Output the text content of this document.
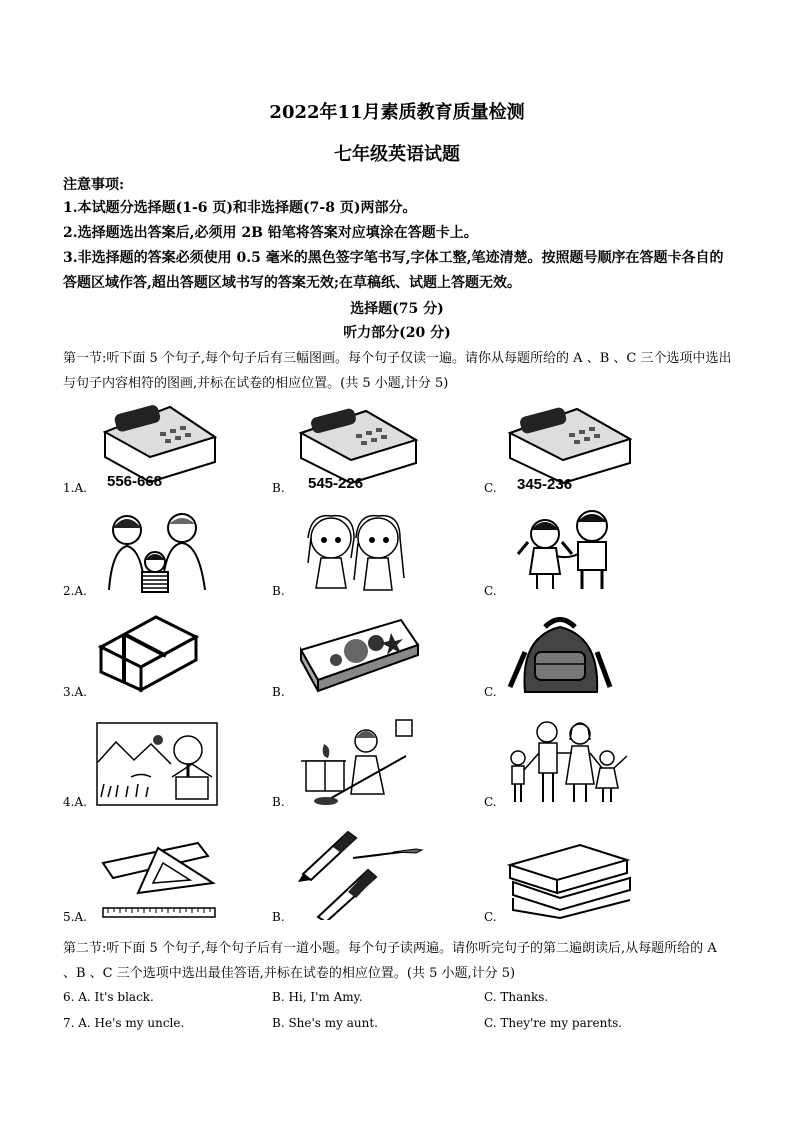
2022年11月素质教育质量检测
七年级英语试题
注意事项:
1.本试题分选择题(1-6 页)和非选择题(7-8 页)两部分。
2.选择题选出答案后,必须用 2B 铅笔将答案对应填涂在答题卡上。
3.非选择题的答案必须使用 0.5 毫米的黑色签字笔书写,字体工整,笔迹清楚。按照题号顺序在答题卡各自的答题区域作答,超出答题区域书写的答案无效;在草稿纸、试题上答题无效。
选择题(75 分)
听力部分(20 分)
第一节:听下面 5 个句子,每个句子后有三幅图画。每个句子仅读一遍。请你从每题所给的 A 、B 、C 三个选项中选出与句子内容相符的图画,并标在试卷的相应位置。(共 5 小题,计分 5)
1.A.	B.	C.
556-668	545-226	345-236
2.A.	B.	C.
3.A.	B.	C.
4.A.	B.	C.
5.A.	B.	C.
第二节:听下面 5 个句子,每个句子后有一道小题。每个句子读两遍。请你听完句子的第二遍朗读后,从每题所给的 A 、B 、C 三个选项中选出最佳答语,并标在试卷的相应位置。(共 5 小题,计分 5)
6. A. It's black.	B. Hi, I'm Amy.	C. Thanks.
7. A. He's my uncle.	B. She's my aunt.	C. They're my parents.
